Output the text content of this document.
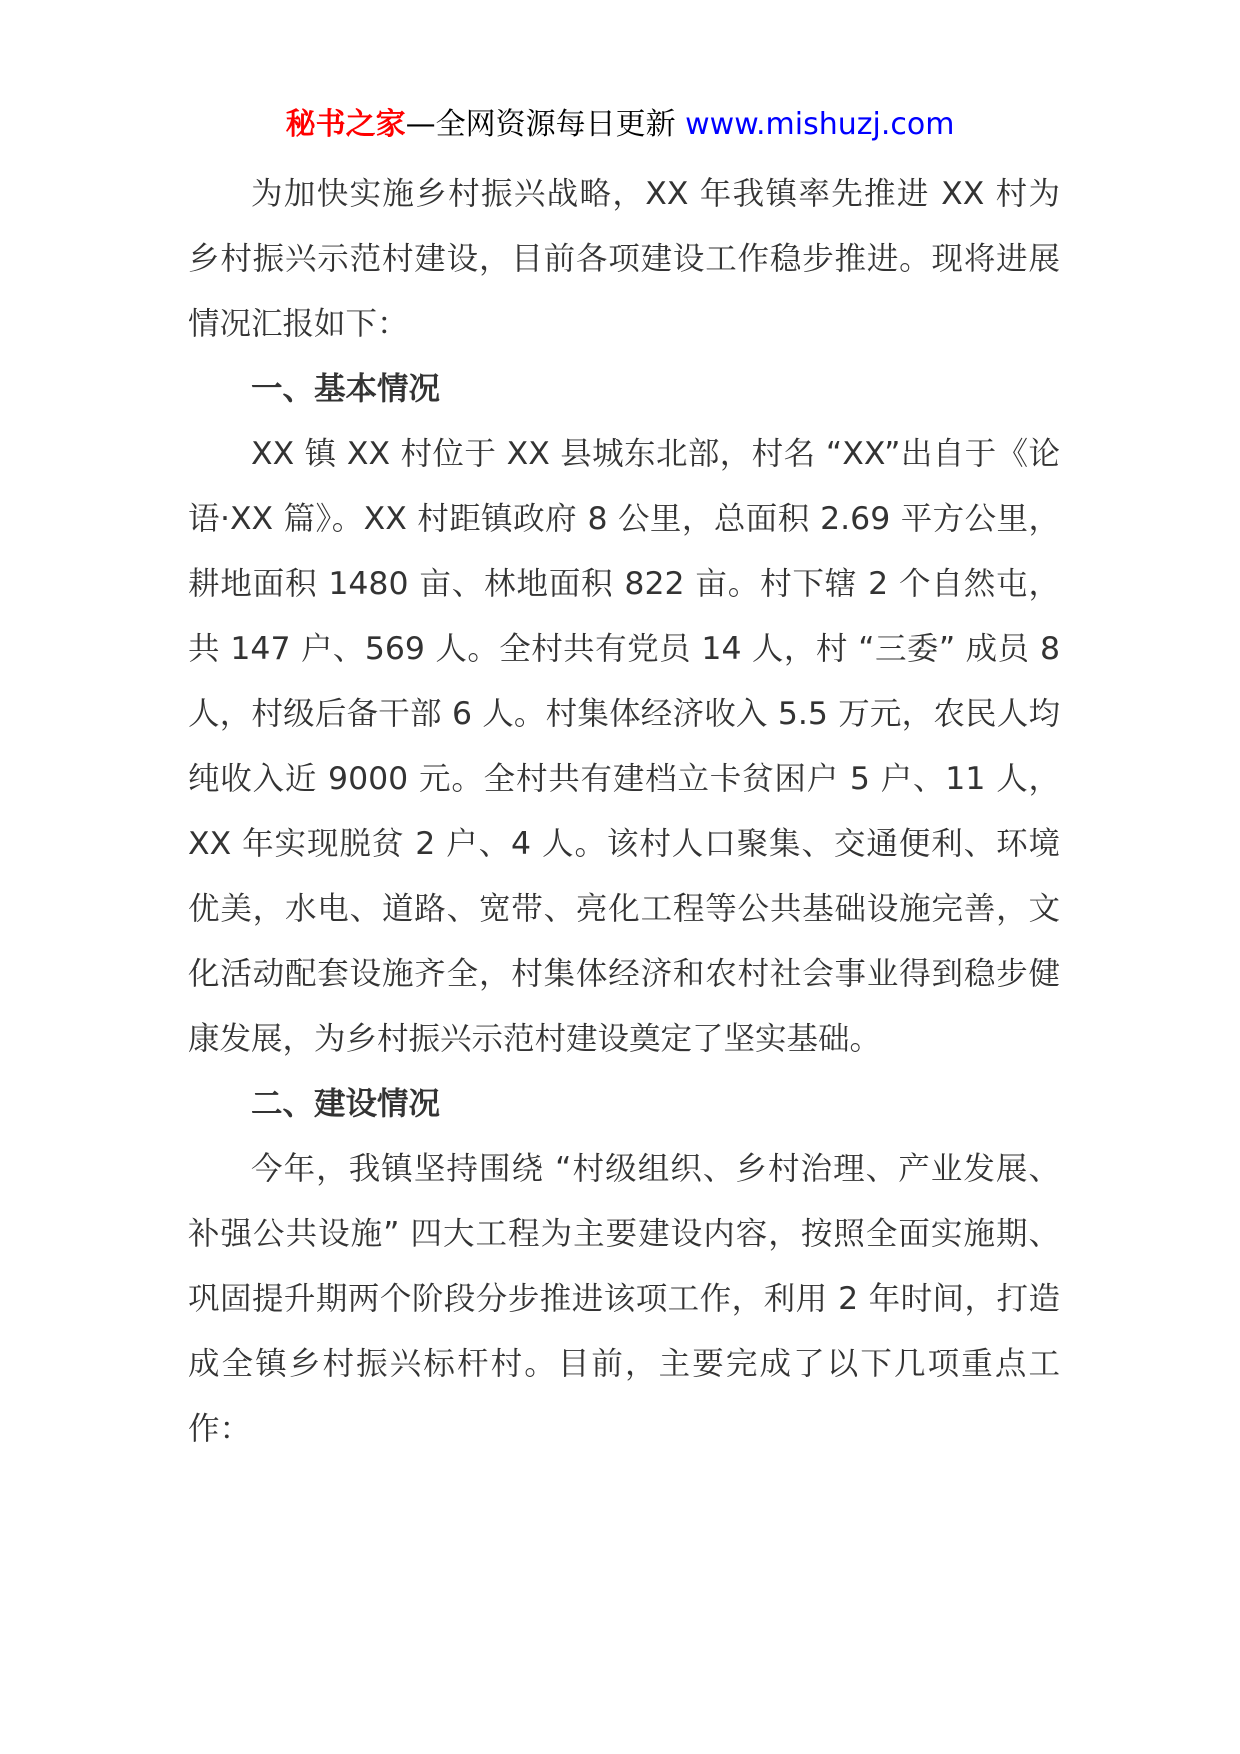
秘书之家—全网资源每日更新 www.mishuzj.com

为加快实施乡村振兴战略，XX 年我镇率先推进 XX 村为乡村振兴示范村建设，目前各项建设工作稳步推进。现将进展情况汇报如下：

一、基本情况

XX 镇 XX 村位于 XX 县城东北部，村名 “XX”出自于《论语·XX 篇》。XX 村距镇政府 8 公里，总面积 2.69 平方公里，耕地面积 1480 亩、林地面积 822 亩。村下辖 2 个自然屯，共 147 户、569 人。全村共有党员 14 人，村 “三委” 成员 8 人，村级后备干部 6 人。村集体经济收入 5.5 万元，农民人均纯收入近 9000 元。全村共有建档立卡贫困户 5 户、11 人，XX 年实现脱贫 2 户、4 人。该村人口聚集、交通便利、环境优美，水电、道路、宽带、亮化工程等公共基础设施完善，文化活动配套设施齐全，村集体经济和农村社会事业得到稳步健康发展，为乡村振兴示范村建设奠定了坚实基础。

二、建设情况

今年，我镇坚持围绕 “村级组织、乡村治理、产业发展、补强公共设施” 四大工程为主要建设内容，按照全面实施期、巩固提升期两个阶段分步推进该项工作，利用 2 年时间，打造成全镇乡村振兴标杆村。目前，主要完成了以下几项重点工作：
